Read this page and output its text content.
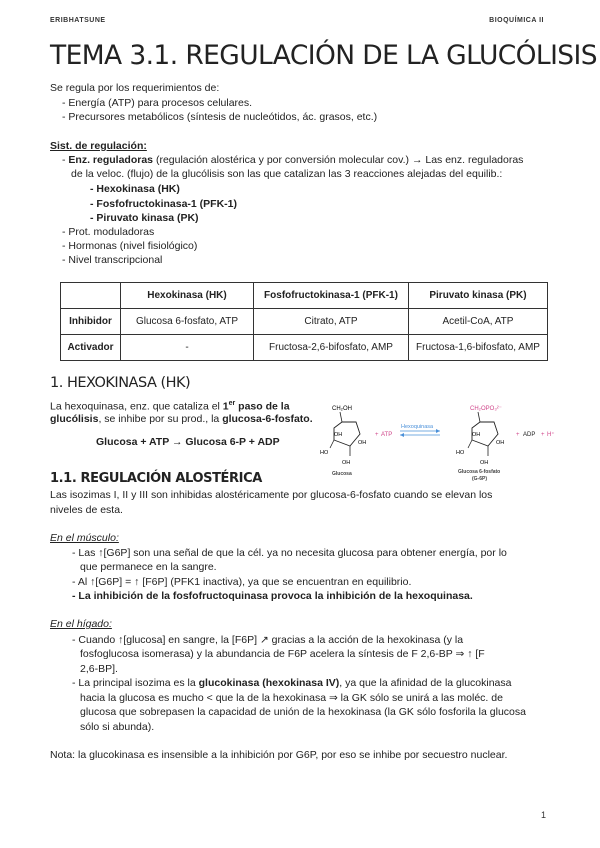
ERIBHATSUNE	BIOQUÍMICA II
TEMA 3.1. REGULACIÓN DE LA GLUCÓLISIS
Se regula por los requerimientos de:
- Energía (ATP) para procesos celulares.
- Precursores metabólicos (síntesis de nucleótidos, ác. grasos, etc.)
Sist. de regulación:
- Enz. reguladoras (regulación alostérica y por conversión molecular cov.) → Las enz. reguladoras
de la veloc. (flujo) de la glucólisis son las que catalizan las 3 reacciones alejadas del equilib.:
- Hexokinasa (HK)
- Fosfofructokinasa-1 (PFK-1)
- Piruvato kinasa (PK)
- Prot. moduladoras
- Hormonas (nivel fisiológico)
- Nivel transcripcional
	Hexokinasa (HK)	Fosfofructokinasa-1 (PFK-1)	Piruvato kinasa (PK)
Inhibidor	Glucosa 6-fosfato, ATP	Citrato, ATP	Acetil-CoA, ATP
Activador	-	Fructosa-2,6-bifosfato, AMP	Fructosa-1,6-bifosfato, AMP
1. HEXOKINASA (HK)
La hexoquinasa, enz. que cataliza el 1er paso de la
glucólisis, se inhibe por su prod., la glucosa-6-fosfato.
Glucosa + ATP → Glucosa 6-P + ADP
CH₂OH
OH
OH
OH
HO
Glucosa
+ ATP
Hexoquinasa
CH₂OPO₃²⁻
OH
OH
OH
HO
Glucosa 6-fosfato
(G-6P)
+ ADP + H⁺
1.1. REGULACIÓN ALOSTÉRICA
Las isozimas I, II y III son inhibidas alostéricamente por glucosa-6-fosfato cuando se elevan los
niveles de esta.
En el músculo:
- Las ↑[G6P] son una señal de que la cél. ya no necesita glucosa para obtener energía, por lo
que permanece en la sangre.
- Al ↑[G6P] = ↑ [F6P] (PFK1 inactiva), ya que se encuentran en equilibrio.
- La inhibición de la fosfofructoquinasa provoca la inhibición de la hexoquinasa.
En el hígado:
- Cuando ↑[glucosa] en sangre, la [F6P] ↗ gracias a la acción de la hexokinasa (y la
fosfoglucosa isomerasa) y la abundancia de F6P acelera la síntesis de F 2,6-BP ⇒ ↑ [F
2,6-BP].
- La principal isozima es la glucokinasa (hexokinasa IV), ya que la afinidad de la glucokinasa
hacia la glucosa es mucho < que la de la hexokinasa ⇒ la GK sólo se unirá a las moléc. de
glucosa que sobrepasen la capacidad de unión de la hexokinasa (la GK sólo fosforila la glucosa
sólo si abunda).
Nota: la glucokinasa es insensible a la inhibición por G6P, por eso se inhibe por secuestro nuclear.
1
